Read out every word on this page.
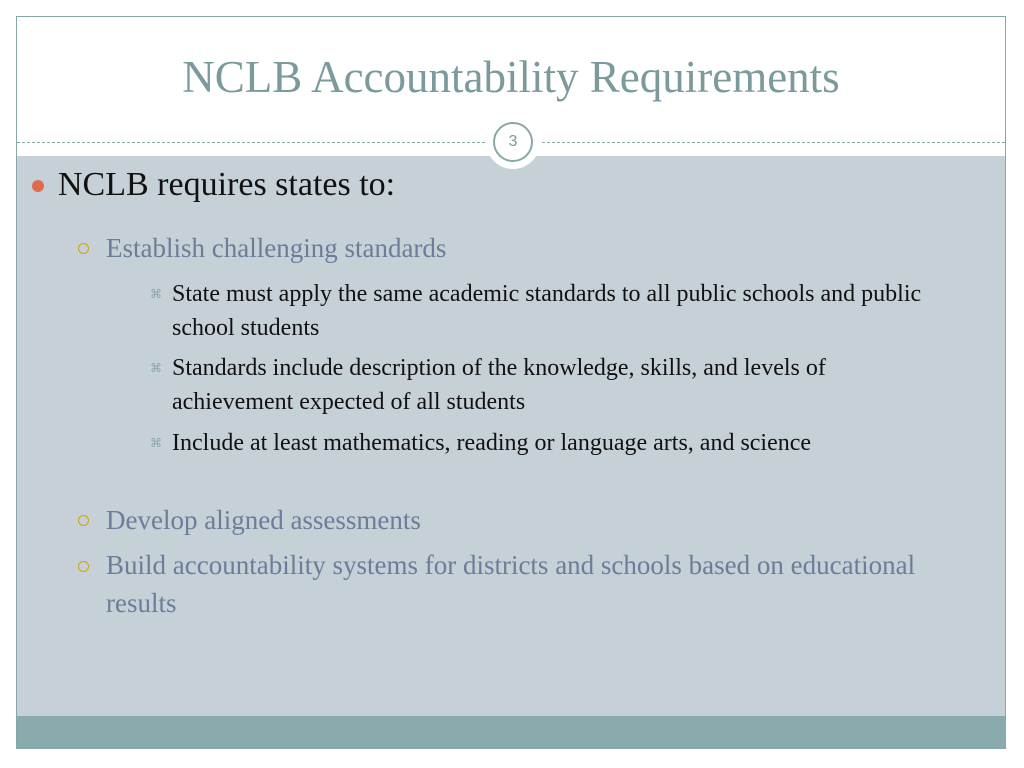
NCLB Accountability Requirements
3
NCLB requires states to:
Establish challenging standards
⌘ State must apply the same academic standards to all public schools and public school students
⌘ Standards include description of the knowledge, skills, and levels of achievement expected of all students
⌘ Include at least mathematics, reading or language arts, and science
Develop aligned assessments
Build accountability systems for districts and schools based on educational results
